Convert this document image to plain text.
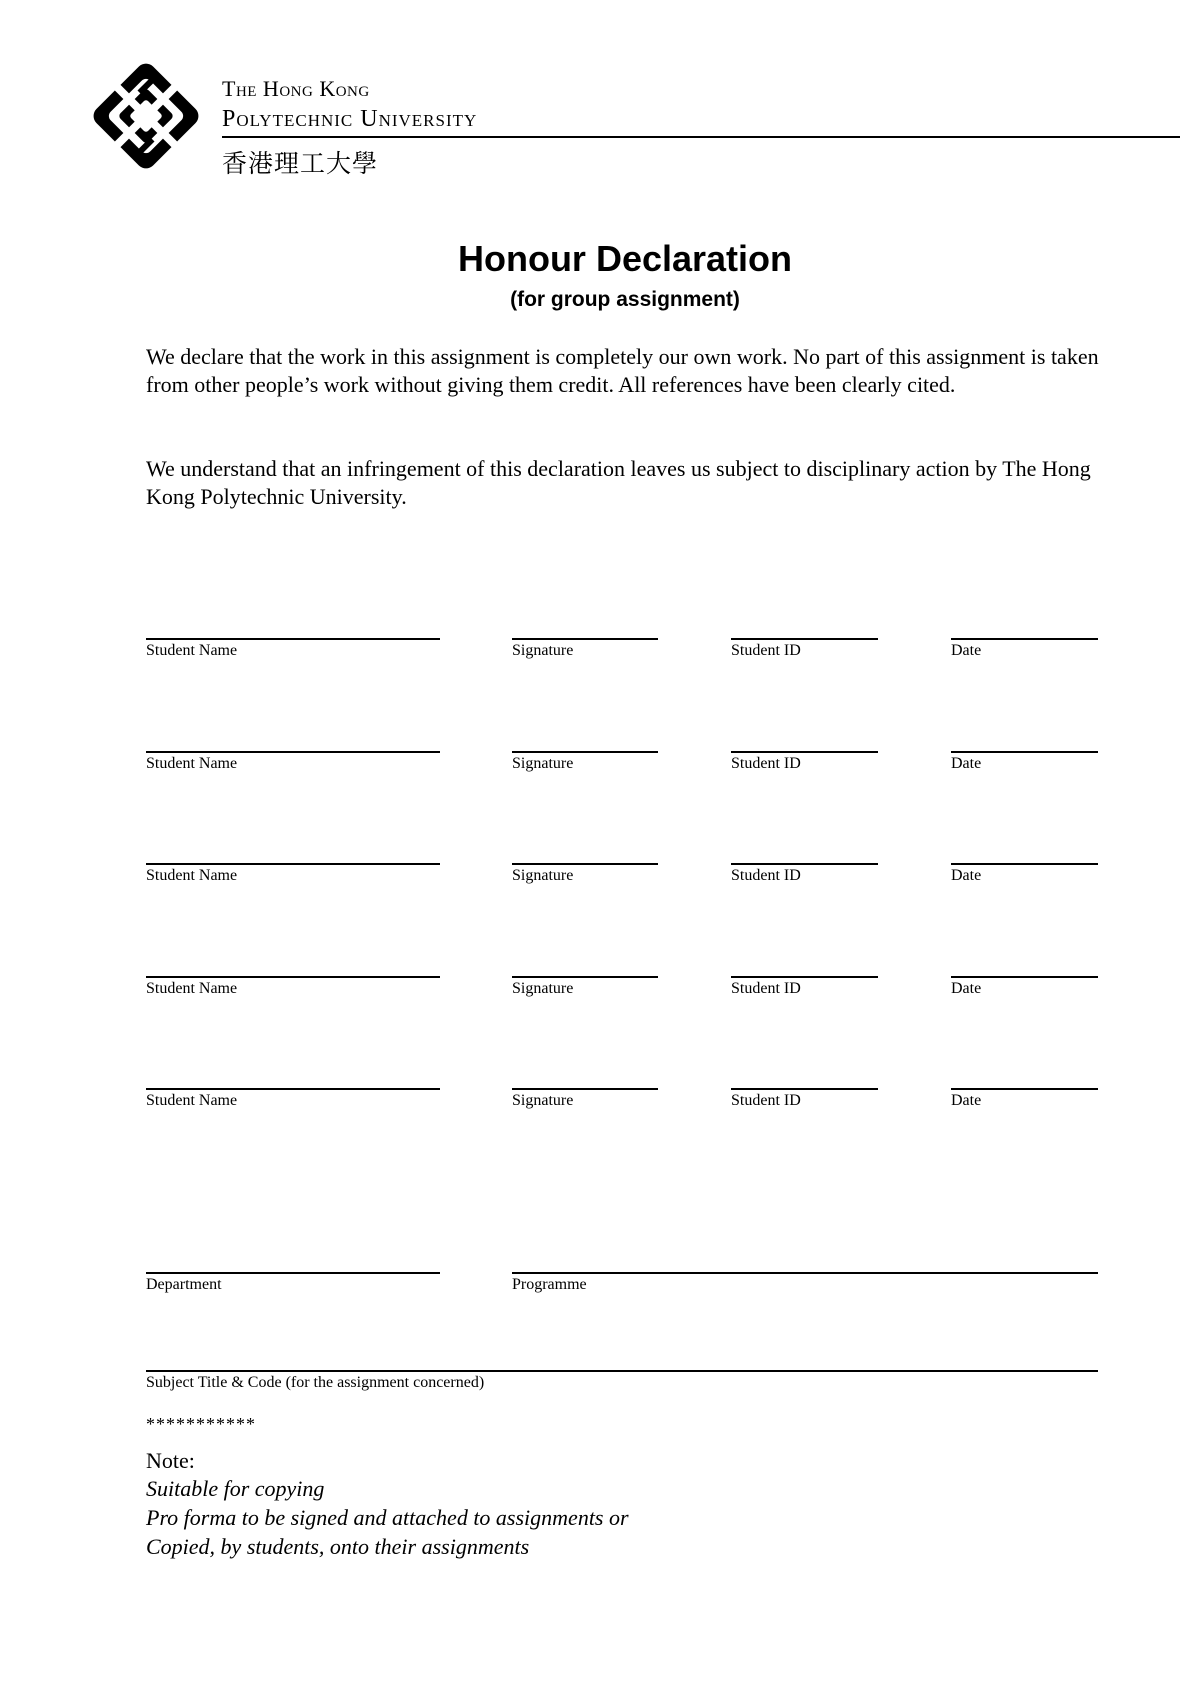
The Hong Kong
Polytechnic University
香港理工大學
Honour Declaration
(for group assignment)
We declare that the work in this assignment is completely our own work. No part of this assignment is taken from other people’s work without giving them credit. All references have been clearly cited.
We understand that an infringement of this declaration leaves us subject to disciplinary action by The Hong Kong Polytechnic University.
Student Name	Signature	Student ID	Date
Student Name	Signature	Student ID	Date
Student Name	Signature	Student ID	Date
Student Name	Signature	Student ID	Date
Student Name	Signature	Student ID	Date
Department	Programme
Subject Title & Code (for the assignment concerned)
***********
Note:
Suitable for copying
Pro forma to be signed and attached to assignments or
Copied, by students, onto their assignments
